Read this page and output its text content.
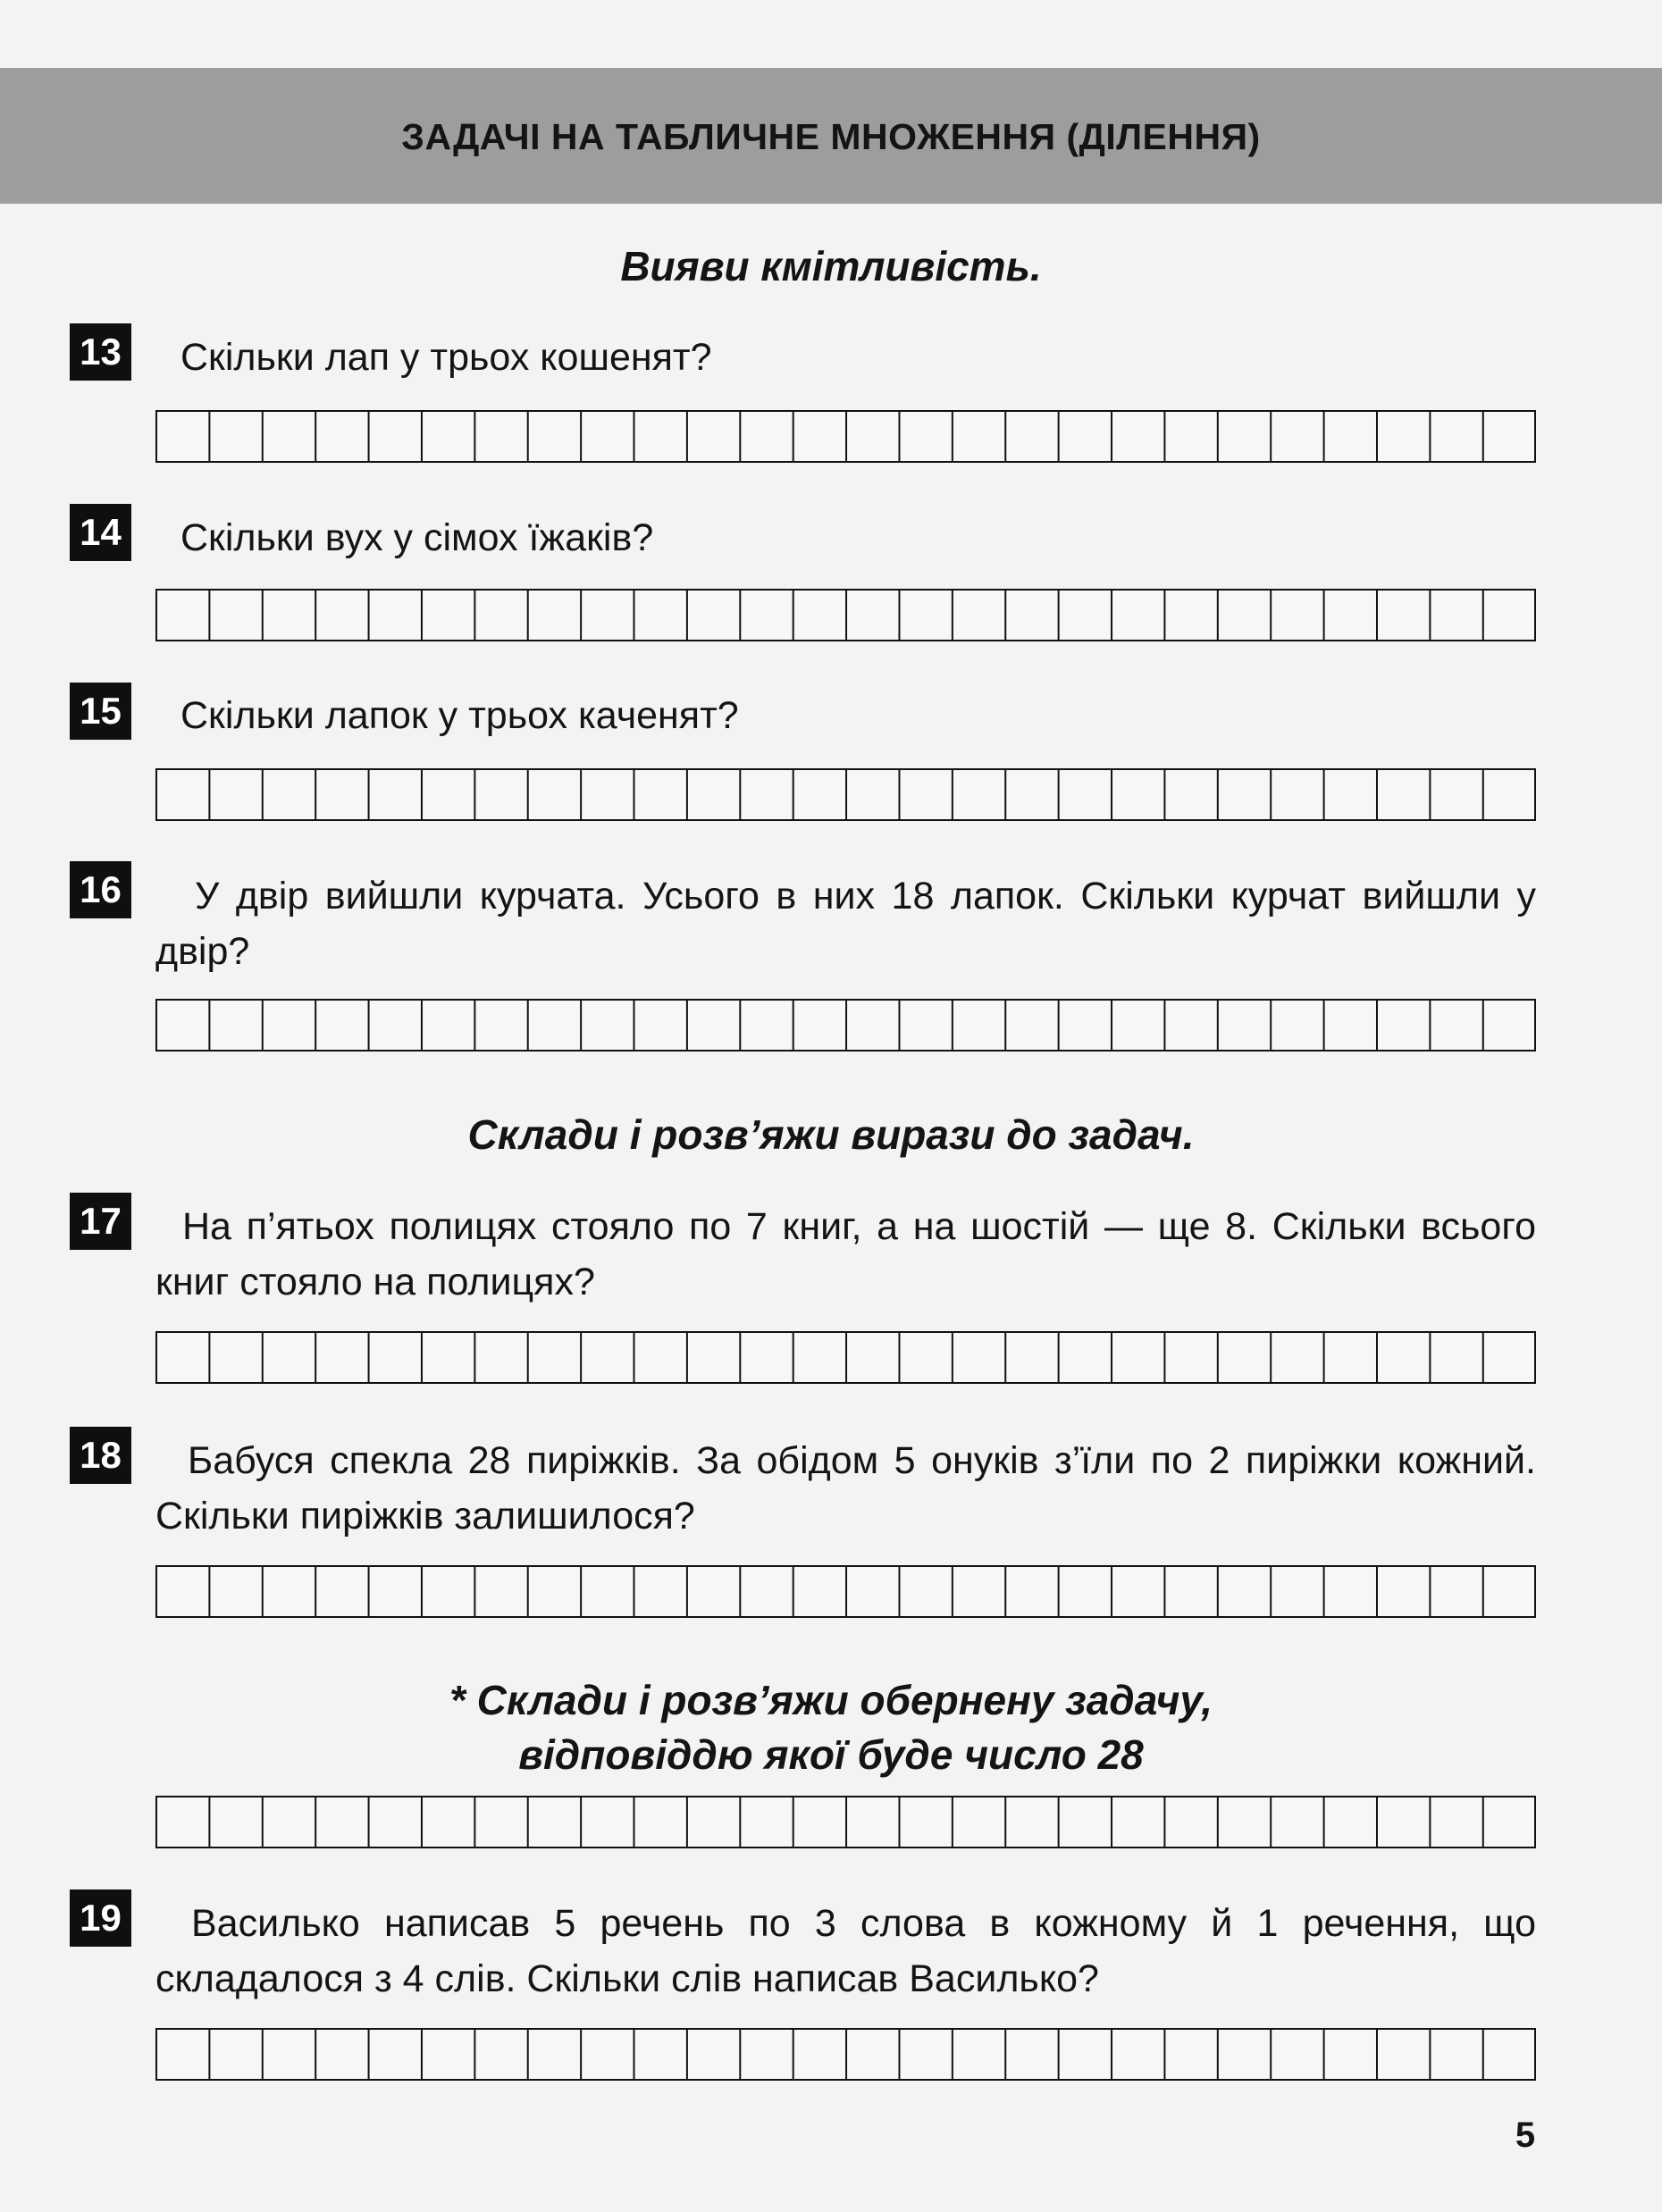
ЗАДАЧІ НА ТАБЛИЧНЕ МНОЖЕННЯ (ДІЛЕННЯ)
Вияви кмітливість.
13 Скільки лап у трьох кошенят?
14 Скільки вух у сімох їжаків?
15 Скільки лапок у трьох каченят?
16	У двір вийшли курчата. Усього в них 18 лапок. Скільки курчат вийшли у двір?
Склади і розв’яжи вирази до задач.
17	На п’ятьох полицях стояло по 7 книг, а на шостій — ще 8. Скільки всього книг стояло на полицях?
18	Бабуся спекла 28 пиріжків. За обідом 5 онуків з’їли по 2 пиріжки кожний. Скільки пиріжків залишилося?
* Склади і розв’яжи обернену задачу,
відповіддю якої буде число 28
19	Василько написав 5 речень по 3 слова в кожному й 1 речення, що складалося з 4 слів. Скільки слів написав Василько?
5
